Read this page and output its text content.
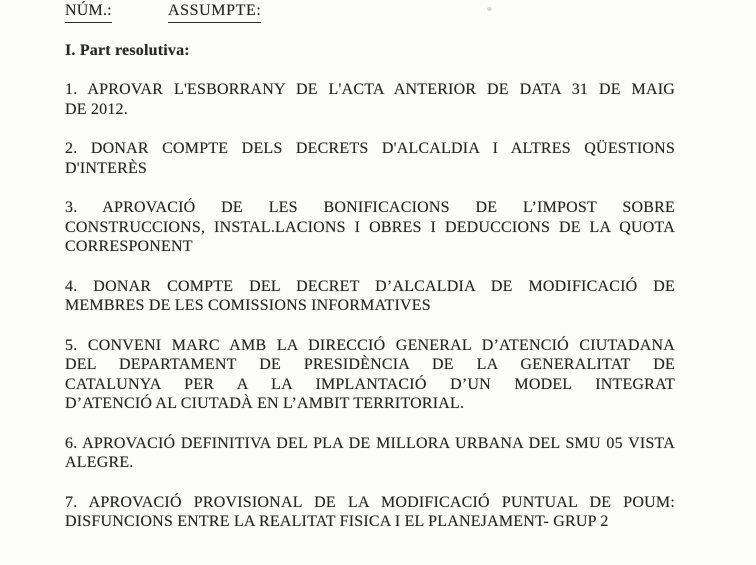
NÚM.:	ASSUMPTE:
I. Part resolutiva:
1. APROVAR L'ESBORRANY DE L'ACTA ANTERIOR DE DATA 31 DE MAIG
DE 2012.
2. DONAR COMPTE DELS DECRETS D'ALCALDIA I ALTRES QÜESTIONS
D'INTERÈS
3. APROVACIÓ DE LES BONIFICACIONS DE L’IMPOST SOBRE
CONSTRUCCIONS, INSTAL.LACIONS I OBRES I DEDUCCIONS DE LA QUOTA
CORRESPONENT
4. DONAR COMPTE DEL DECRET D’ALCALDIA DE MODIFICACIÓ DE
MEMBRES DE LES COMISSIONS INFORMATIVES
5. CONVENI MARC AMB LA DIRECCIÓ GENERAL D’ATENCIÓ CIUTADANA
DEL DEPARTAMENT DE PRESIDÈNCIA DE LA GENERALITAT DE
CATALUNYA PER A LA IMPLANTACIÓ D’UN MODEL INTEGRAT
D’ATENCIÓ AL CIUTADÀ EN L’AMBIT TERRITORIAL.
6. APROVACIÓ DEFINITIVA DEL PLA DE MILLORA URBANA DEL SMU 05 VISTA
ALEGRE.
7. APROVACIÓ PROVISIONAL DE LA MODIFICACIÓ PUNTUAL DE POUM:
DISFUNCIONS ENTRE LA REALITAT FISICA I EL PLANEJAMENT- GRUP 2
